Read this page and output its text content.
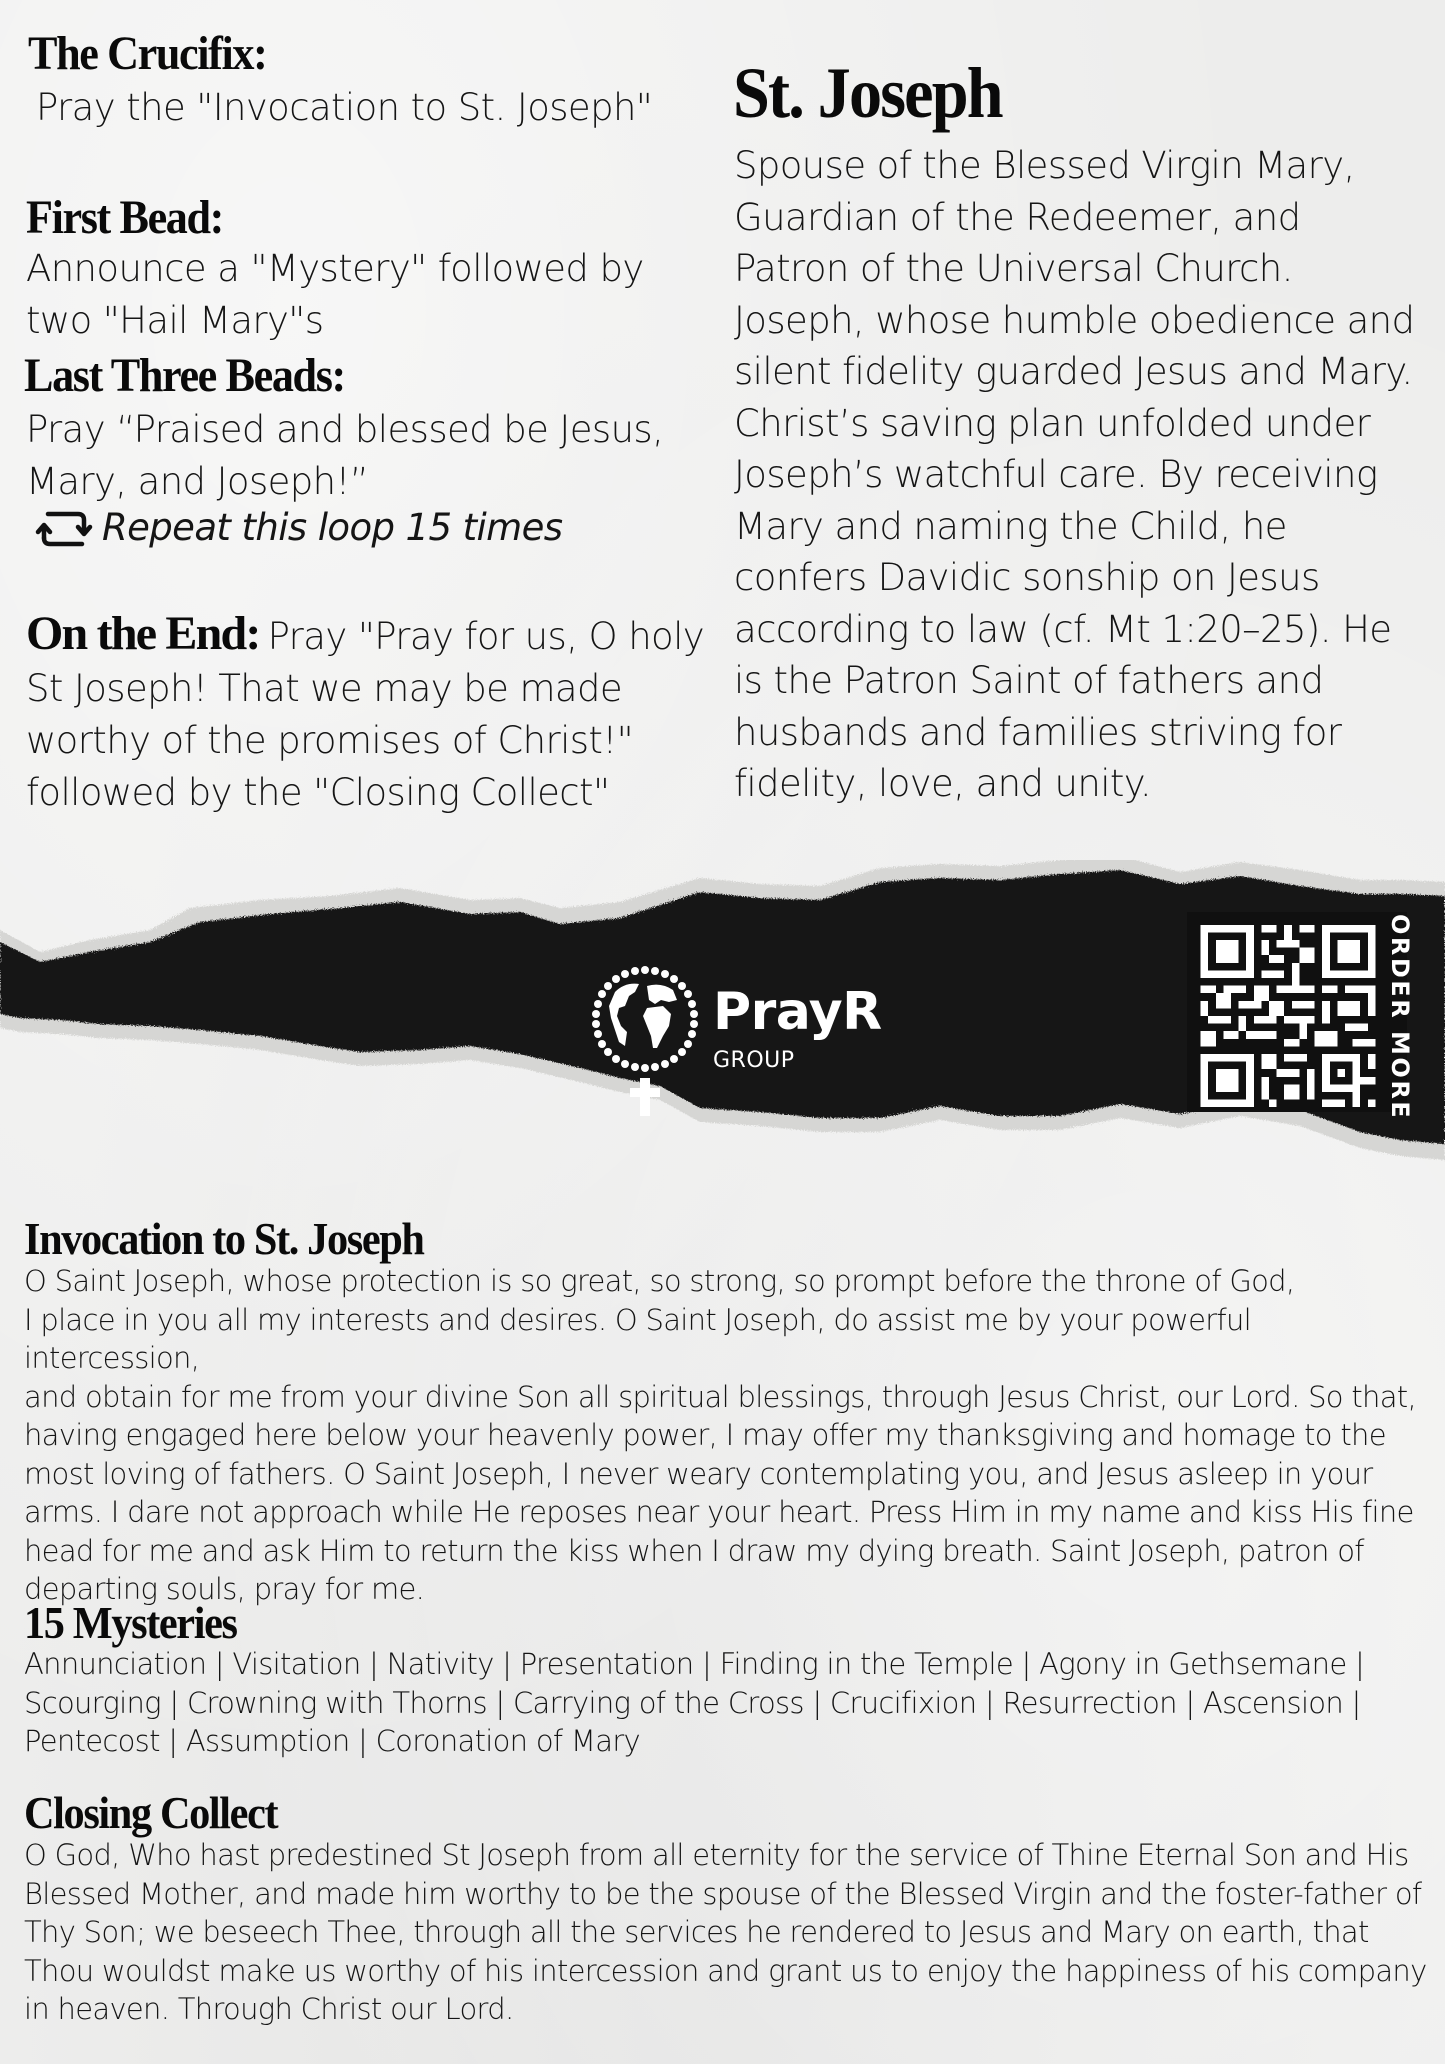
The Crucifix:
Pray the "Invocation to St. Joseph"
First Bead:
Announce a "Mystery" followed by two "Hail Mary"s
Last Three Beads:
Pray “Praised and blessed be Jesus, Mary, and Joseph!”
Repeat this loop 15 times
On the End: Pray "Pray for us, O holy St Joseph! That we may be made worthy of the promises of Christ!" followed by the "Closing Collect"
St. Joseph
Spouse of the Blessed Virgin Mary, Guardian of the Redeemer, and Patron of the Universal Church. Joseph, whose humble obedience and silent fidelity guarded Jesus and Mary. Christ’s saving plan unfolded under Joseph’s watchful care. By receiving Mary and naming the Child, he confers Davidic sonship on Jesus according to law (cf. Mt 1:20–25). He is the Patron Saint of fathers and husbands and families striving for fidelity, love, and unity.
PrayR
GROUP	ORDER MORE
Invocation to St. Joseph
O Saint Joseph, whose protection is so great, so strong, so prompt before the throne of God,
I place in you all my interests and desires. O Saint Joseph, do assist me by your powerful intercession,
and obtain for me from your divine Son all spiritual blessings, through Jesus Christ, our Lord. So that,
having engaged here below your heavenly power, I may offer my thanksgiving and homage to the
most loving of fathers. O Saint Joseph, I never weary contemplating you, and Jesus asleep in your
arms. I dare not approach while He reposes near your heart. Press Him in my name and kiss His fine
head for me and ask Him to return the kiss when I draw my dying breath. Saint Joseph, patron of
departing souls, pray for me.
15 Mysteries
Annunciation | Visitation | Nativity | Presentation | Finding in the Temple | Agony in Gethsemane |
Scourging | Crowning with Thorns | Carrying of the Cross | Crucifixion | Resurrection | Ascension |
Pentecost | Assumption | Coronation of Mary
Closing Collect
O God, Who hast predestined St Joseph from all eternity for the service of Thine Eternal Son and His
Blessed Mother, and made him worthy to be the spouse of the Blessed Virgin and the foster-father of
Thy Son; we beseech Thee, through all the services he rendered to Jesus and Mary on earth, that
Thou wouldst make us worthy of his intercession and grant us to enjoy the happiness of his company
in heaven. Through Christ our Lord.
